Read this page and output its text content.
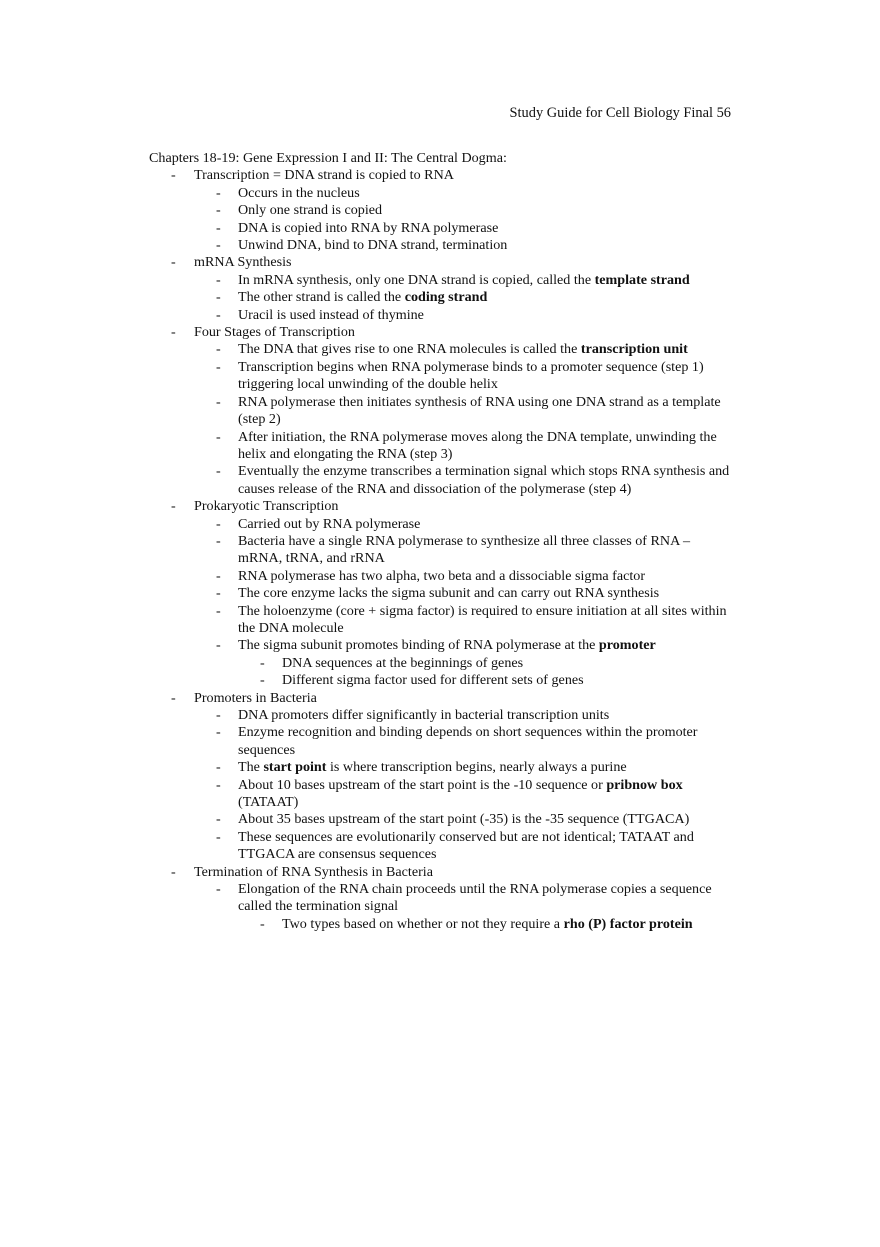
Study Guide for Cell Biology Final 56

Chapters 18-19: Gene Expression I and II: The Central Dogma:

- Transcription = DNA strand is copied to RNA
- Occurs in the nucleus
- Only one strand is copied
- DNA is copied into RNA by RNA polymerase
- Unwind DNA, bind to DNA strand, termination
- mRNA Synthesis
- In mRNA synthesis, only one DNA strand is copied, called the template strand
- The other strand is called the coding strand
- Uracil is used instead of thymine
- Four Stages of Transcription
- The DNA that gives rise to one RNA molecules is called the transcription unit
- Transcription begins when RNA polymerase binds to a promoter sequence (step 1) triggering local unwinding of the double helix
- RNA polymerase then initiates synthesis of RNA using one DNA strand as a template (step 2)
- After initiation, the RNA polymerase moves along the DNA template, unwinding the helix and elongating the RNA (step 3)
- Eventually the enzyme transcribes a termination signal which stops RNA synthesis and causes release of the RNA and dissociation of the polymerase (step 4)
- Prokaryotic Transcription
- Carried out by RNA polymerase
- Bacteria have a single RNA polymerase to synthesize all three classes of RNA – mRNA, tRNA, and rRNA
- RNA polymerase has two alpha, two beta and a dissociable sigma factor
- The core enzyme lacks the sigma subunit and can carry out RNA synthesis
- The holoenzyme (core + sigma factor) is required to ensure initiation at all sites within the DNA molecule
- The sigma subunit promotes binding of RNA polymerase at the promoter
- DNA sequences at the beginnings of genes
- Different sigma factor used for different sets of genes
- Promoters in Bacteria
- DNA promoters differ significantly in bacterial transcription units
- Enzyme recognition and binding depends on short sequences within the promoter sequences
- The start point is where transcription begins, nearly always a purine
- About 10 bases upstream of the start point is the -10 sequence or pribnow box (TATAAT)
- About 35 bases upstream of the start point (-35) is the -35 sequence (TTGACA)
- These sequences are evolutionarily conserved but are not identical; TATAAT and TTGACA are consensus sequences
- Termination of RNA Synthesis in Bacteria
- Elongation of the RNA chain proceeds until the RNA polymerase copies a sequence called the termination signal
- Two types based on whether or not they require a rho (P) factor protein
